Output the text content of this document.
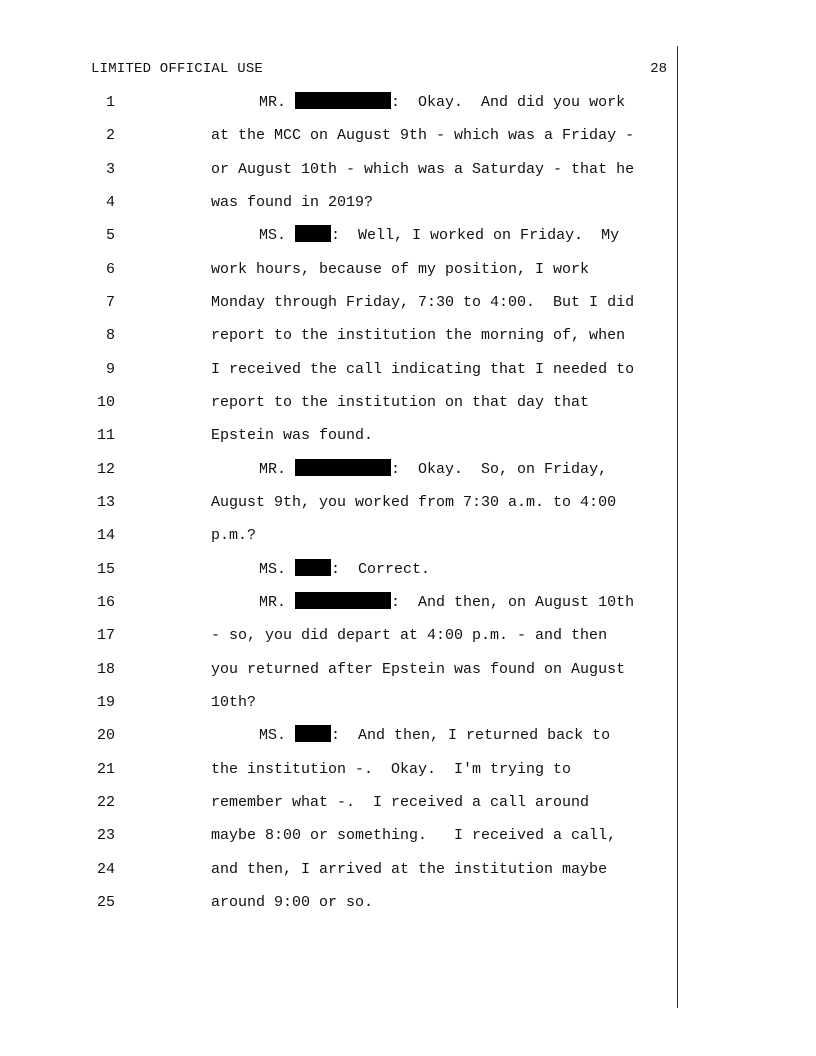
LIMITED OFFICIAL USE	28
1	MR.	:  Okay.  And did you work
2	at the MCC on August 9th - which was a Friday -
3	or August 10th - which was a Saturday - that he
4	was found in 2019?
5	MS.	:  Well, I worked on Friday.  My
6	work hours, because of my position, I work
7	Monday through Friday, 7:30 to 4:00.  But I did
8	report to the institution the morning of, when
9	I received the call indicating that I needed to
10	report to the institution on that day that
11	Epstein was found.
12	MR.	:  Okay.  So, on Friday,
13	August 9th, you worked from 7:30 a.m. to 4:00
14	p.m.?
15	MS.	:  Correct.
16	MR.	:  And then, on August 10th
17	- so, you did depart at 4:00 p.m. - and then
18	you returned after Epstein was found on August
19	10th?
20	MS.	:  And then, I returned back to
21	the institution -.  Okay.  I'm trying to
22	remember what -.  I received a call around
23	maybe 8:00 or something.   I received a call,
24	and then, I arrived at the institution maybe
25	around 9:00 or so.
